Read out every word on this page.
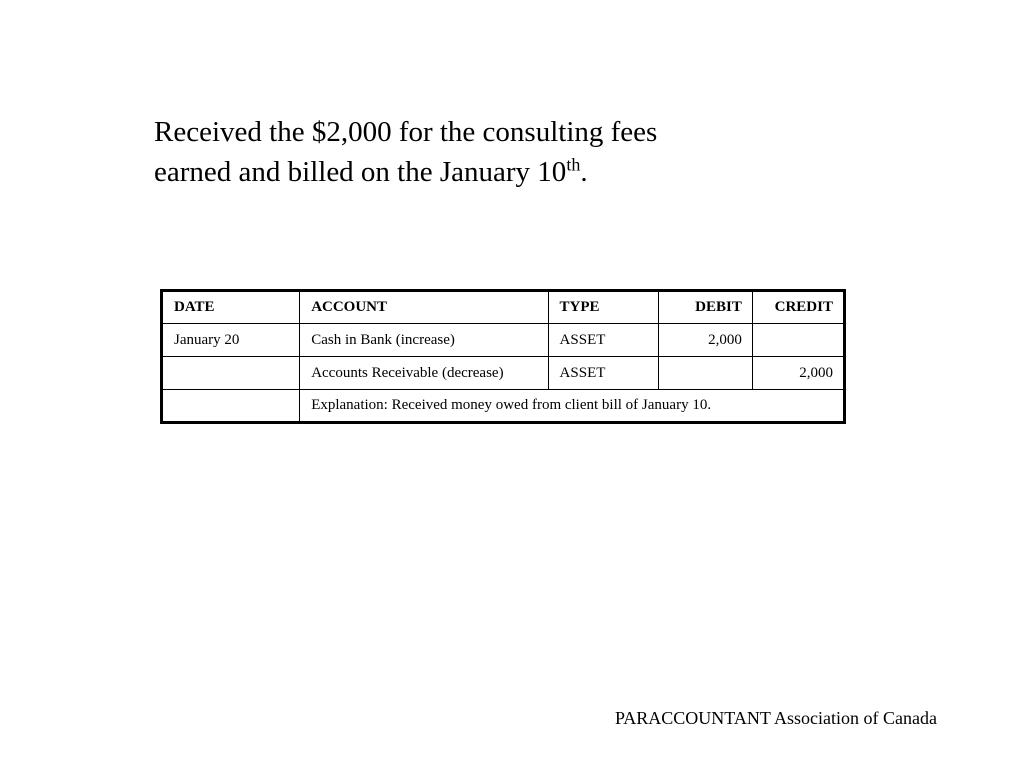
Received the $2,000 for the consulting fees
earned and billed on the January 10th.
DATE	ACCOUNT	TYPE	DEBIT	CREDIT
January 20	Cash in Bank (increase)	ASSET	2,000	
	Accounts Receivable (decrease)	ASSET		2,000
	Explanation: Received money owed from client bill of January 10.			
PARACCOUNTANT Association of Canada
